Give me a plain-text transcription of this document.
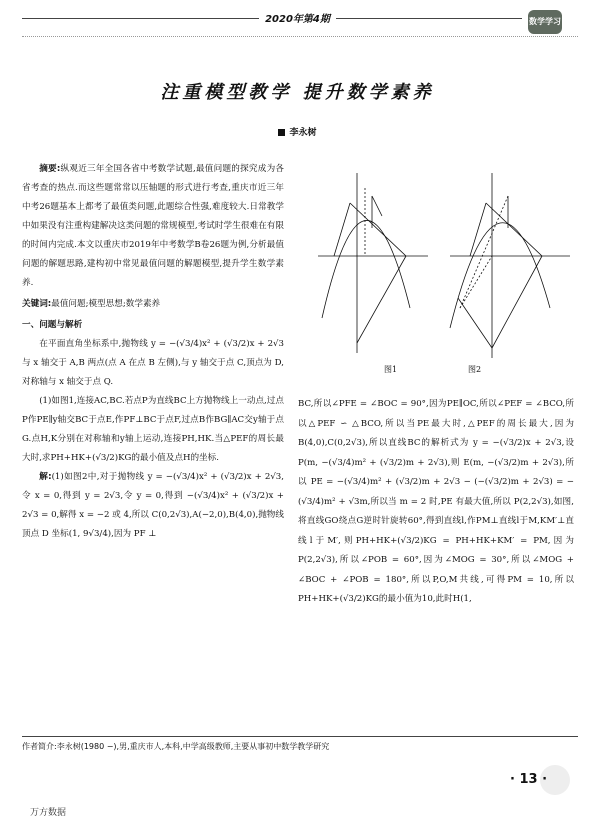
2020年第4期	数学学习
注重模型教学 提升数学素养
李永树

摘要:纵观近三年全国各省中考数学试题,最值问题的探究成为各省考查的热点.而这些题常常以压轴题的形式进行考查,重庆市近三年中考26题基本上都考了最值类问题,此题综合性强,难度较大.日常教学中如果没有注重构建解决这类问题的常规模型,考试时学生很难在有限的时间内完成.本文以重庆市2019年中考数学B卷26题为例,分析最值问题的解题思路,建构初中常见最值问题的解题模型,提升学生数学素养.

关键词:最值问题;模型思想;数学素养

一、问题与解析

在平面直角坐标系中,抛物线 y = −(√3/4)x² + (√3/2)x + 2√3 与 x 轴交于 A,B 两点(点 A 在点 B 左侧),与 y 轴交于点 C,顶点为 D,对称轴与 x 轴交于点 Q.

(1)如图1,连接AC,BC.若点P为直线BC上方抛物线上一动点,过点P作PE∥y轴交BC于点E,作PF⊥BC于点F,过点B作BG∥AC交y轴于点G.点H,K分别在对称轴和y轴上运动,连接PH,HK.当△PEF的周长最大时,求PH+HK+(√3/2)KG的最小值及点H的坐标.

解:(1)如图2中,对于抛物线 y = −(√3/4)x² + (√3/2)x + 2√3,令 x = 0,得到 y = 2√3,令 y = 0,得到 −(√3/4)x² + (√3/2)x + 2√3 = 0,解得 x = −2 或 4,所以 C(0,2√3),A(−2,0),B(4,0),抛物线顶点 D 坐标(1, 9√3/4),因为 PF ⊥

图1	图2

BC,所以∠PFE = ∠BOC = 90°,因为PE∥OC,所以∠PEF = ∠BCO,所以△PEF ∽ △BCO,所以当PE最大时,△PEF的周长最大,因为B(4,0),C(0,2√3),所以直线BC的解析式为 y = −(√3/2)x + 2√3,设 P(m, −(√3/4)m² + (√3/2)m + 2√3),则 E(m, −(√3/2)m + 2√3),所以 PE = −(√3/4)m² + (√3/2)m + 2√3 − (−(√3/2)m + 2√3) = −(√3/4)m² + √3m,所以当 m = 2 时,PE 有最大值,所以 P(2,2√3),如图,将直线GO绕点G逆时针旋转60°,得到直线l,作PM⊥直线l于M,KM′⊥直线l于M′,则PH+HK+(√3/2)KG = PH+HK+KM′ = PM,因为P(2,2√3),所以∠POB = 60°,因为∠MOG = 30°,所以∠MOG + ∠BOC + ∠POB = 180°,所以P,O,M共线,可得PM = 10,所以PH+HK+(√3/2)KG的最小值为10,此时H(1,

作者简介:李永树(1980 −),男,重庆市人,本科,中学高级教师,主要从事初中数学教学研究
· 13 ·
万方数据
